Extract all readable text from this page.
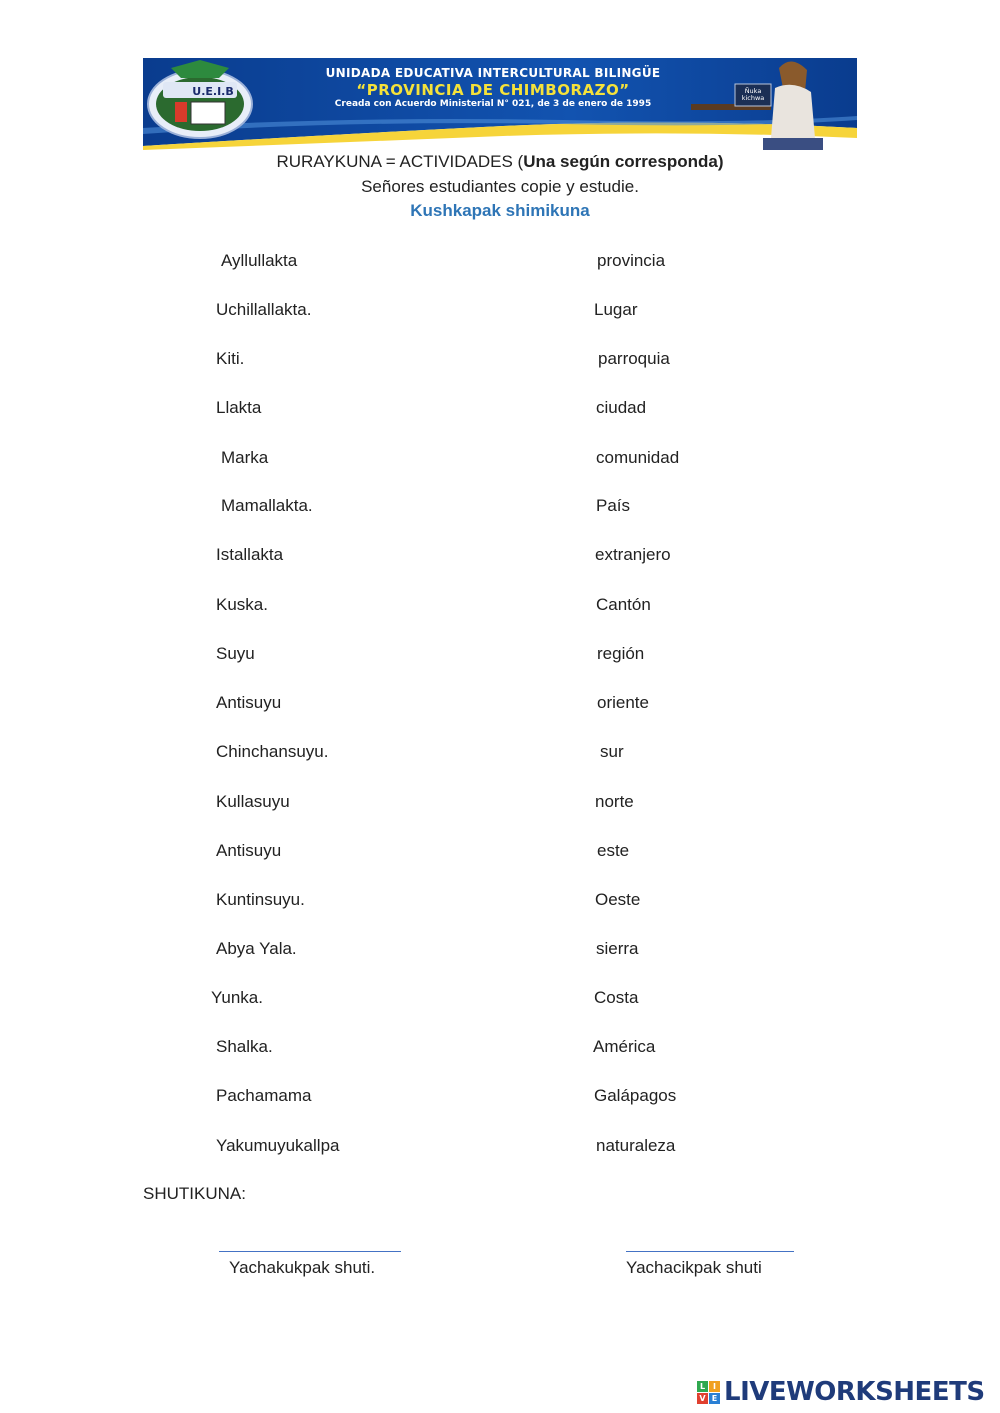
UNIDADA EDUCATIVA INTERCULTURAL BILINGÜE
“PROVINCIA DE CHIMBORAZO”
Creada con Acuerdo Ministerial N° 021, de 3 de enero de 1995
U.E.I.B	Ñuka kichwa
RURAYKUNA = ACTIVIDADES (Una según corresponda)
Señores estudiantes copie y estudie.
Kushkapak shimikuna
Ayllullakta	provincia
Uchillallakta.	Lugar
Kiti.	parroquia
Llakta	ciudad
Marka	comunidad
Mamallakta.	País
Istallakta	extranjero
Kuska.	Cantón
Suyu	región
Antisuyu	oriente
Chinchansuyu.	sur
Kullasuyu	norte
Antisuyu	este
Kuntinsuyu.	Oeste
Abya Yala.	sierra
Yunka.	Costa
Shalka.	América
Pachamama	Galápagos
Yakumuyukallpa	naturaleza
SHUTIKUNA:
Yachakukpak shuti.	Yachacikpak shuti
L I
V E LIVEWORKSHEETS
